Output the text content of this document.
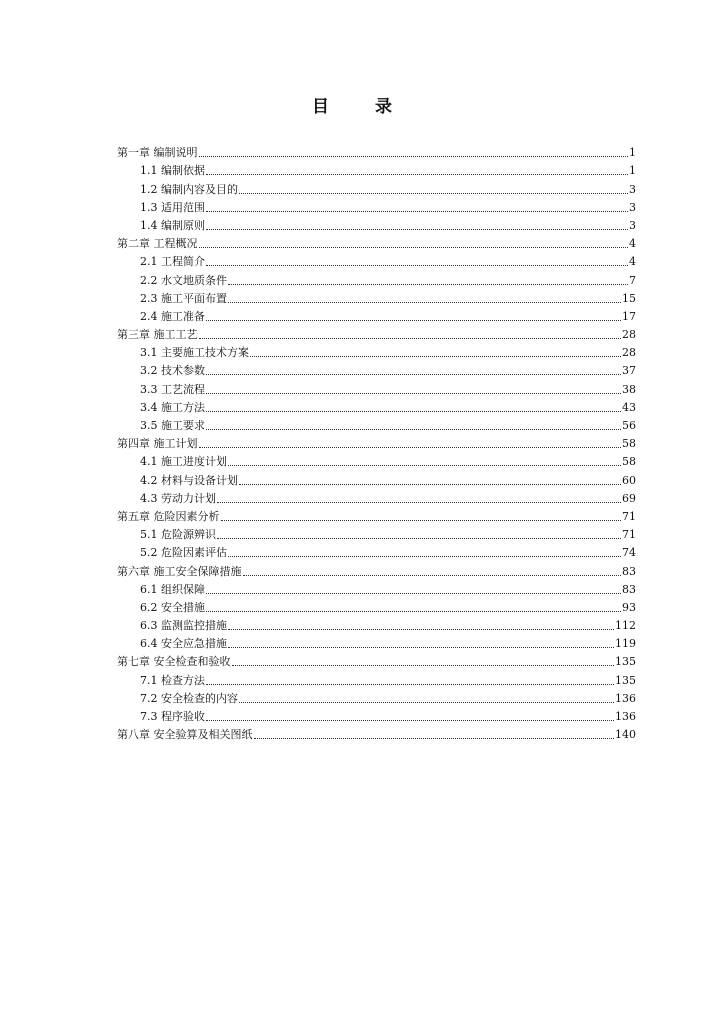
目 录
第一章 编制说明	1
1.1 编制依据	1
1.2 编制内容及目的	3
1.3 适用范围	3
1.4 编制原则	3
第二章 工程概况	4
2.1 工程简介	4
2.2 水文地质条件	7
2.3 施工平面布置	15
2.4 施工准备	17
第三章 施工工艺	28
3.1 主要施工技术方案	28
3.2 技术参数	37
3.3 工艺流程	38
3.4 施工方法	43
3.5 施工要求	56
第四章 施工计划	58
4.1 施工进度计划	58
4.2 材料与设备计划	60
4.3 劳动力计划	69
第五章 危险因素分析	71
5.1 危险源辨识	71
5.2 危险因素评估	74
第六章 施工安全保障措施	83
6.1 组织保障	83
6.2 安全措施	93
6.3 监测监控措施	112
6.4 安全应急措施	119
第七章 安全检查和验收	135
7.1 检查方法	135
7.2 安全检查的内容	136
7.3 程序验收	136
第八章 安全验算及相关图纸	140
